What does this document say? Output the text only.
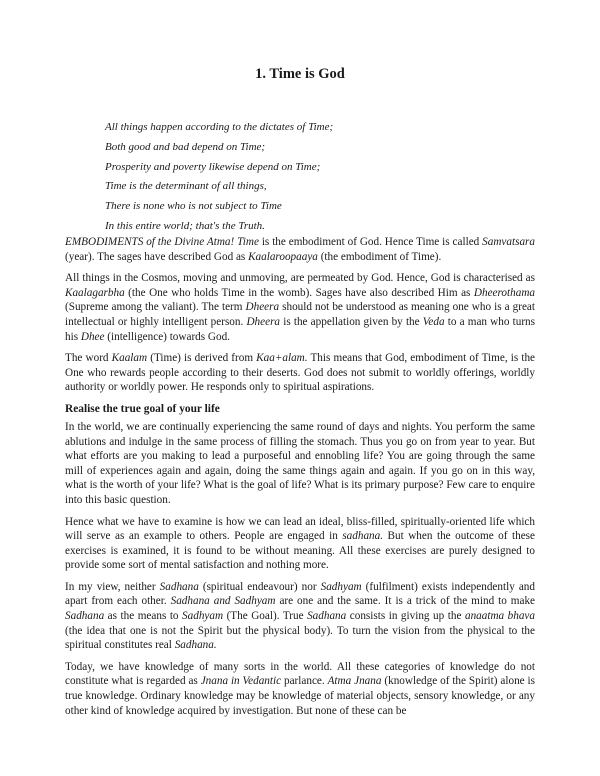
1. Time is God
All things happen according to the dictates of Time;
Both good and bad depend on Time;
Prosperity and poverty likewise depend on Time;
Time is the determinant of all things,
There is none who is not subject to Time
In this entire world; that's the Truth.

EMBODIMENTS of the Divine Atma! Time is the embodiment of God. Hence Time is called Samvatsara (year). The sages have described God as Kaalaroopaaya (the embodiment of Time).

All things in the Cosmos, moving and unmoving, are permeated by God. Hence, God is characterised as Kaalagarbha (the One who holds Time in the womb). Sages have also described Him as Dheerothama (Supreme among the valiant). The term Dheera should not be understood as meaning one who is a great intellectual or highly intelligent person. Dheera is the appellation given by the Veda to a man who turns his Dhee (intelligence) towards God.

The word Kaalam (Time) is derived from Kaa+alam. This means that God, embodiment of Time, is the One who rewards people according to their deserts. God does not submit to worldly offerings, worldly authority or worldly power. He responds only to spiritual aspirations.

Realise the true goal of your life

In the world, we are continually experiencing the same round of days and nights. You perform the same ablutions and indulge in the same process of filling the stomach. Thus you go on from year to year. But what efforts are you making to lead a purposeful and ennobling life? You are going through the same mill of experiences again and again, doing the same things again and again. If you go on in this way, what is the worth of your life? What is the goal of life? What is its primary purpose? Few care to enquire into this basic question.

Hence what we have to examine is how we can lead an ideal, bliss-filled, spiritually-oriented life which will serve as an example to others. People are engaged in sadhana. But when the outcome of these exercises is examined, it is found to be without meaning. All these exercises are purely designed to provide some sort of mental satisfaction and nothing more.

In my view, neither Sadhana (spiritual endeavour) nor Sadhyam (fulfilment) exists independently and apart from each other. Sadhana and Sadhyam are one and the same. It is a trick of the mind to make Sadhana as the means to Sadhyam (The Goal). True Sadhana consists in giving up the anaatma bhava (the idea that one is not the Spirit but the physical body). To turn the vision from the physical to the spiritual constitutes real Sadhana.

Today, we have knowledge of many sorts in the world. All these categories of knowledge do not constitute what is regarded as Jnana in Vedantic parlance. Atma Jnana (knowledge of the Spirit) alone is true knowledge. Ordinary knowledge may be knowledge of material objects, sensory knowledge, or any other kind of knowledge acquired by investigation. But none of these can be
